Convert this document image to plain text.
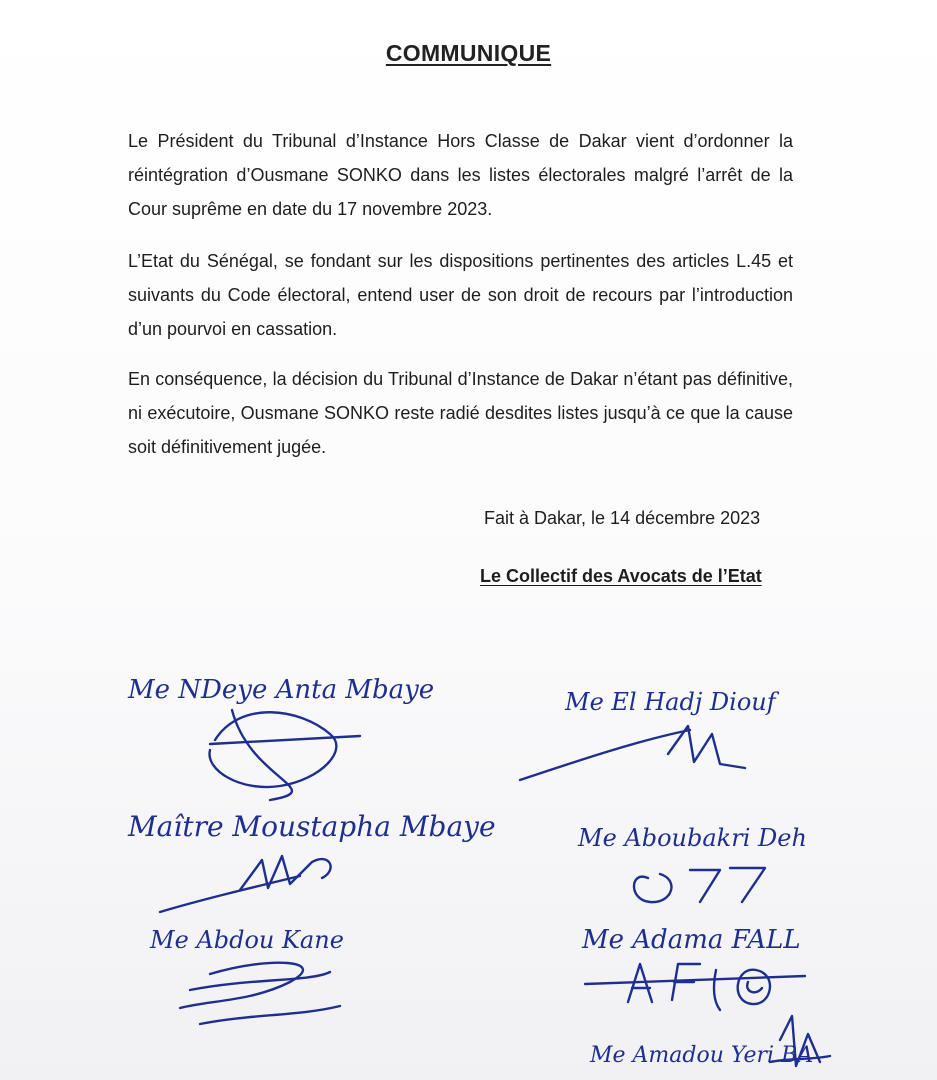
COMMUNIQUE

Le Président du Tribunal d’Instance Hors Classe de Dakar vient d’ordonner la réintégration d’Ousmane SONKO dans les listes électorales malgré l’arrêt de la Cour suprême en date du 17 novembre 2023.

L’Etat du Sénégal, se fondant sur les dispositions pertinentes des articles L.45 et suivants du Code électoral, entend user de son droit de recours par l’introduction d’un pourvoi en cassation.

En conséquence, la décision du Tribunal d’Instance de Dakar n’étant pas définitive, ni exécutoire, Ousmane SONKO reste radié desdites listes jusqu’à ce que la cause soit définitivement jugée.

Fait à Dakar, le 14 décembre 2023
Le Collectif des Avocats de l’Etat
Me NDeye Anta Mbaye	Me El Hadj Diouf
Maître Moustapha Mbaye	Me Aboubakri Deh
Me Abdou Kane	Me Adama FALL
Me Amadou Yeri BA
